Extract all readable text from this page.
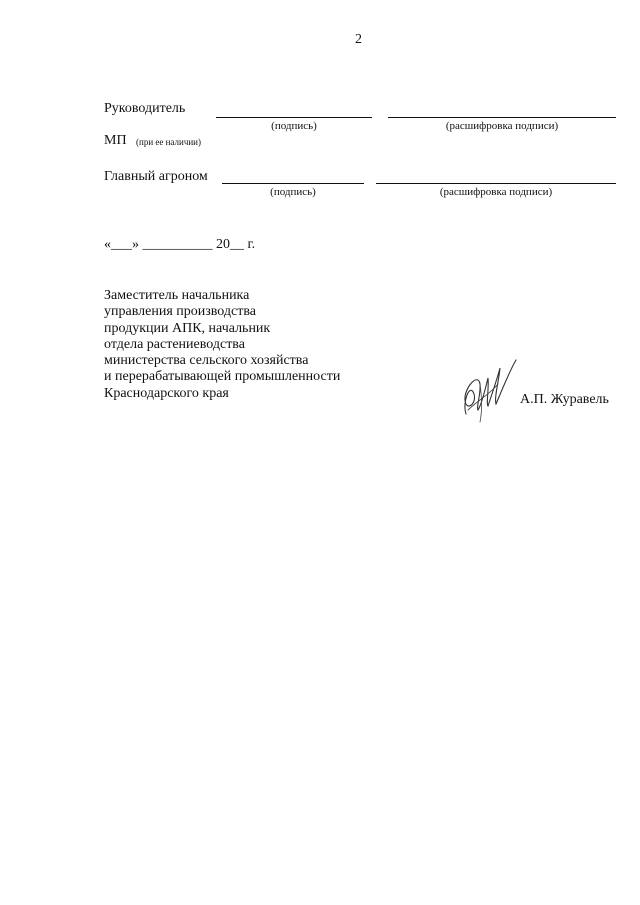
2
Руководитель
(подпись)	(расшифровка подписи)
МП (при ее наличии)
Главный агроном
(подпись)	(расшифровка подписи)
«___» __________ 20__ г.
Заместитель начальника
управления производства
продукции АПК, начальник
отдела растениеводства
министерства сельского хозяйства
и перерабатывающей промышленности
Краснодарского края	А.П. Журавель
